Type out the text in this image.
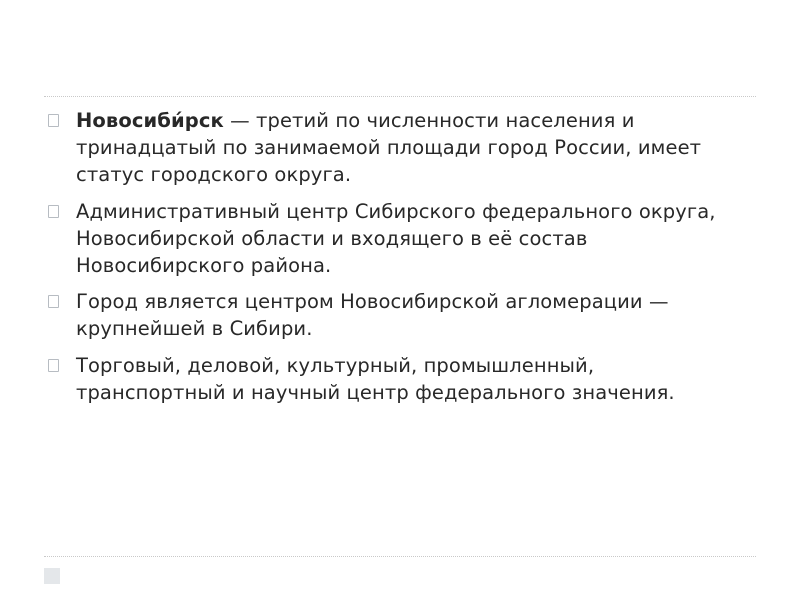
Новосиби́рск — третий по численности населения и тринадцатый по занимаемой площади город России, имеет статус городского округа.
Административный центр Сибирского федерального округа, Новосибирской области и входящего в её состав Новосибирского района.
Город является центром Новосибирской агломерации — крупнейшей в Сибири.
Торговый, деловой, культурный, промышленный, транспортный и научный центр федерального значения.
